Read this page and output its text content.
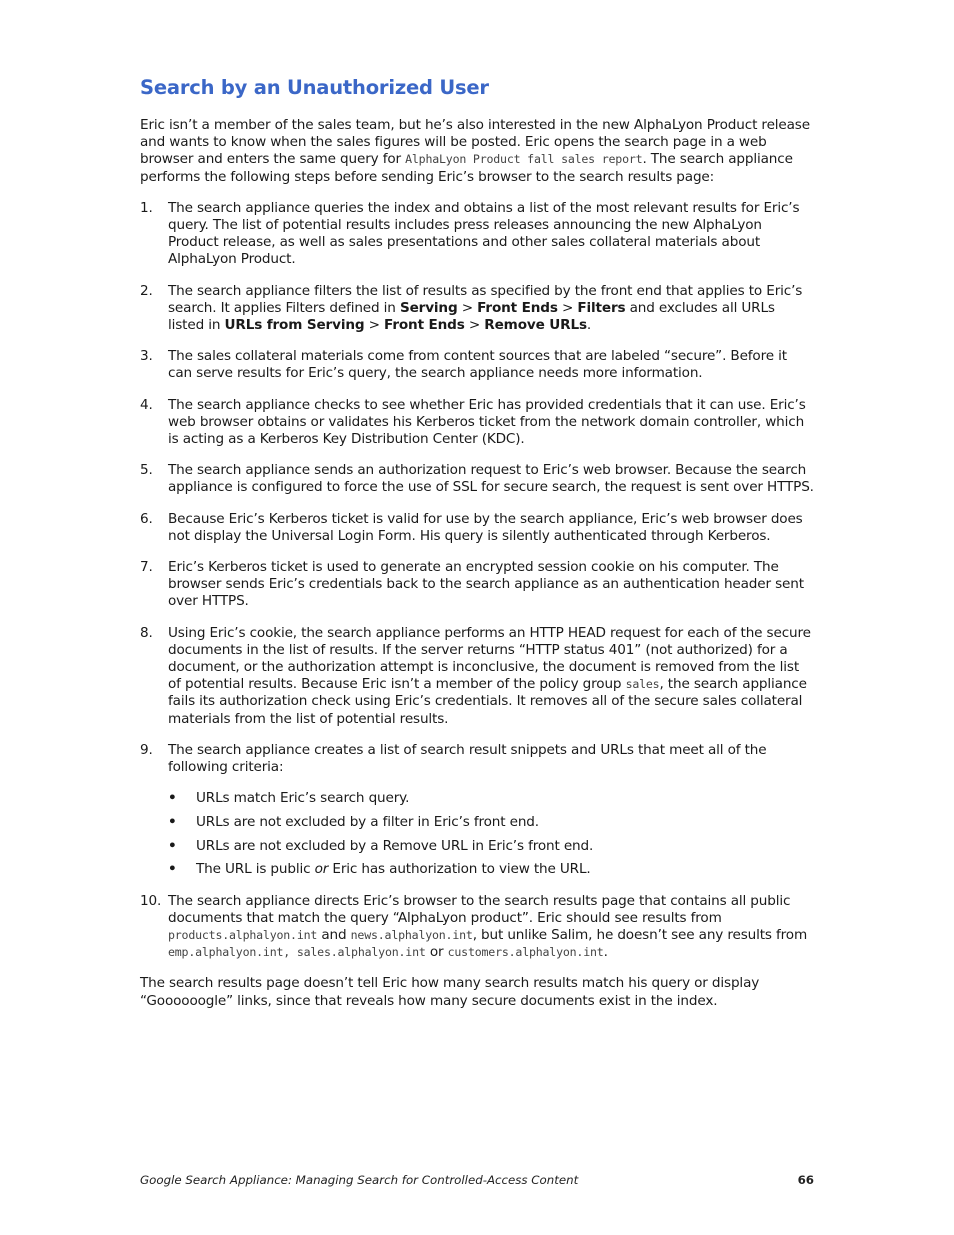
Search by an Unauthorized User

Eric isn’t a member of the sales team, but he’s also interested in the new AlphaLyon Product release and wants to know when the sales figures will be posted. Eric opens the search page in a web browser and enters the same query for AlphaLyon Product fall sales report. The search appliance performs the following steps before sending Eric’s browser to the search results page:

1. The search appliance queries the index and obtains a list of the most relevant results for Eric’s query. The list of potential results includes press releases announcing the new AlphaLyon Product release, as well as sales presentations and other sales collateral materials about AlphaLyon Product.
2. The search appliance filters the list of results as specified by the front end that applies to Eric’s search. It applies Filters defined in Serving > Front Ends > Filters and excludes all URLs listed in URLs from Serving > Front Ends > Remove URLs.
3. The sales collateral materials come from content sources that are labeled “secure”. Before it can serve results for Eric’s query, the search appliance needs more information.
4. The search appliance checks to see whether Eric has provided credentials that it can use. Eric’s web browser obtains or validates his Kerberos ticket from the network domain controller, which is acting as a Kerberos Key Distribution Center (KDC).
5. The search appliance sends an authorization request to Eric’s web browser. Because the search appliance is configured to force the use of SSL for secure search, the request is sent over HTTPS.
6. Because Eric’s Kerberos ticket is valid for use by the search appliance, Eric’s web browser does not display the Universal Login Form. His query is silently authenticated through Kerberos.
7. Eric’s Kerberos ticket is used to generate an encrypted session cookie on his computer. The browser sends Eric’s credentials back to the search appliance as an authentication header sent over HTTPS.
8. Using Eric’s cookie, the search appliance performs an HTTP HEAD request for each of the secure documents in the list of results. If the server returns “HTTP status 401” (not authorized) for a document, or the authorization attempt is inconclusive, the document is removed from the list of potential results. Because Eric isn’t a member of the policy group sales, the search appliance fails its authorization check using Eric’s credentials. It removes all of the secure sales collateral materials from the list of potential results.
9. The search appliance creates a list of search result snippets and URLs that meet all of the following criteria:
• URLs match Eric’s search query.
• URLs are not excluded by a filter in Eric’s front end.
• URLs are not excluded by a Remove URL in Eric’s front end.
• The URL is public or Eric has authorization to view the URL.
10. The search appliance directs Eric’s browser to the search results page that contains all public documents that match the query “AlphaLyon product”. Eric should see results from products.alphalyon.int and news.alphalyon.int, but unlike Salim, he doesn’t see any results from emp.alphalyon.int, sales.alphalyon.int or customers.alphalyon.int.

The search results page doesn’t tell Eric how many search results match his query or display “Goooooogle” links, since that reveals how many secure documents exist in the index.

Google Search Appliance: Managing Search for Controlled-Access Content	66
